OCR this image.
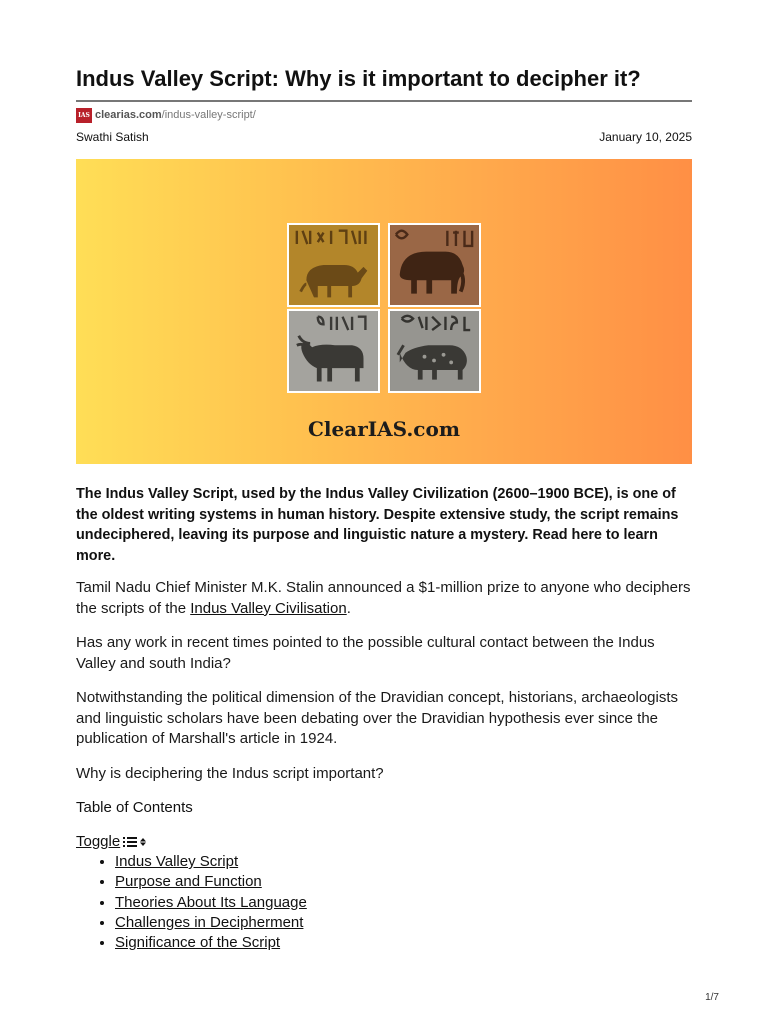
Indus Valley Script: Why is it important to decipher it?
IAS clearias.com /indus-valley-script/
Swathi Satish	January 10, 2025
ClearIAS.com

The Indus Valley Script, used by the Indus Valley Civilization (2600–1900 BCE), is one of the oldest writing systems in human history. Despite extensive study, the script remains undeciphered, leaving its purpose and linguistic nature a mystery. Read here to learn more.

Tamil Nadu Chief Minister M.K. Stalin announced a $1-million prize to anyone who deciphers the scripts of the Indus Valley Civilisation.

Has any work in recent times pointed to the possible cultural contact between the Indus Valley and south India?

Notwithstanding the political dimension of the Dravidian concept, historians, archaeologists and linguistic scholars have been debating over the Dravidian hypothesis ever since the publication of Marshall's article in 1924.

Why is deciphering the Indus script important?

Table of Contents

Toggle
• Indus Valley Script
• Purpose and Function
• Theories About Its Language
• Challenges in Decipherment
• Significance of the Script
1/7
